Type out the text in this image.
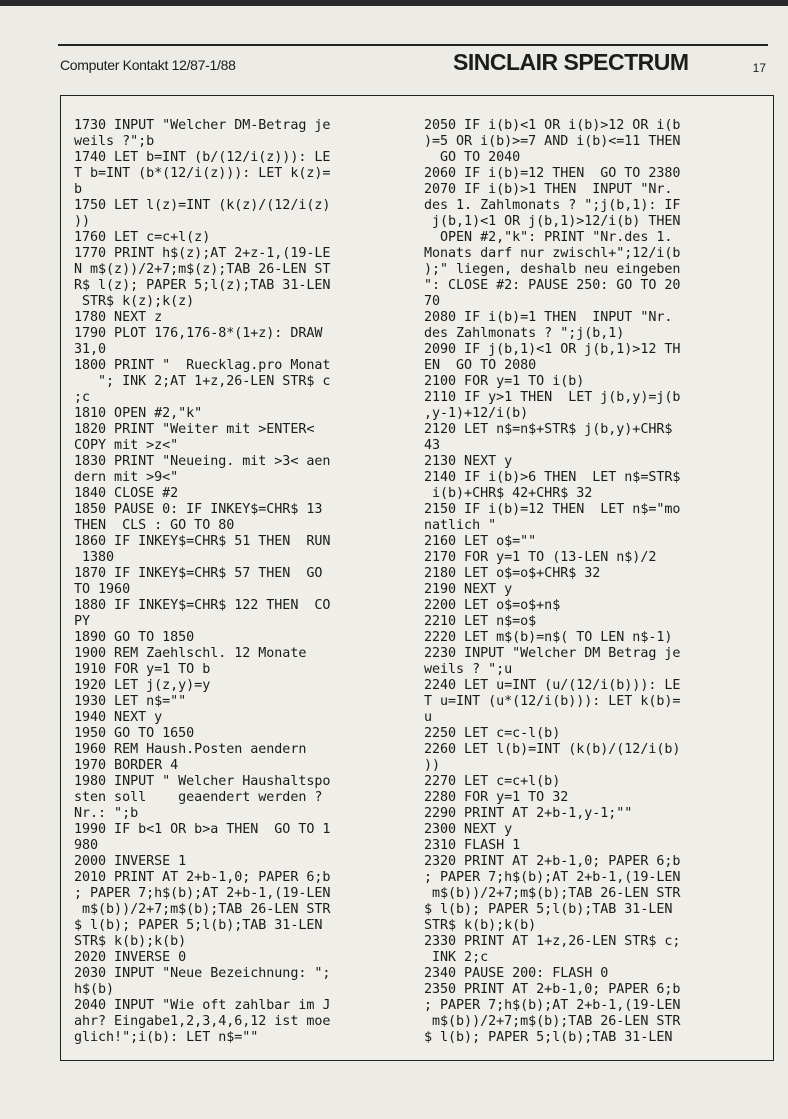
Computer Kontakt 12/87-1/88	SINCLAIR SPECTRUM	17
1730 INPUT "Welcher DM-Betrag je
weils ?";b
1740 LET b=INT (b/(12/i(z))): LE
T b=INT (b*(12/i(z))): LET k(z)=
b
1750 LET l(z)=INT (k(z)/(12/i(z)
))
1760 LET c=c+l(z)
1770 PRINT h$(z);AT 2+z-1,(19-LE
N m$(z))/2+7;m$(z);TAB 26-LEN ST
R$ l(z); PAPER 5;l(z);TAB 31-LEN
STR$ k(z);k(z)
1780 NEXT z
1790 PLOT 176,176-8*(1+z): DRAW
31,0
1800 PRINT "  Ruecklag.pro Monat
"; INK 2;AT 1+z,26-LEN STR$ c
;c
1810 OPEN #2,"k"
1820 PRINT "Weiter mit >ENTER<
COPY mit >z<"
1830 PRINT "Neueing. mit >3< aen
dern mit >9<"
1840 CLOSE #2
1850 PAUSE 0: IF INKEY$=CHR$ 13
THEN  CLS : GO TO 80
1860 IF INKEY$=CHR$ 51 THEN  RUN
1380
1870 IF INKEY$=CHR$ 57 THEN  GO
TO 1960
1880 IF INKEY$=CHR$ 122 THEN  CO
PY
1890 GO TO 1850
1900 REM Zaehlschl. 12 Monate
1910 FOR y=1 TO b
1920 LET j(z,y)=y
1930 LET n$=""
1940 NEXT y
1950 GO TO 1650
1960 REM Haush.Posten aendern
1970 BORDER 4
1980 INPUT " Welcher Haushaltspo
sten soll    geaendert werden ?
Nr.: ";b
1990 IF b<1 OR b>a THEN  GO TO 1
980
2000 INVERSE 1
2010 PRINT AT 2+b-1,0; PAPER 6;b
; PAPER 7;h$(b);AT 2+b-1,(19-LEN
m$(b))/2+7;m$(b);TAB 26-LEN STR
$ l(b); PAPER 5;l(b);TAB 31-LEN
STR$ k(b);k(b)
2020 INVERSE 0
2030 INPUT "Neue Bezeichnung: ";
h$(b)
2040 INPUT "Wie oft zahlbar im J
ahr? Eingabe1,2,3,4,6,12 ist moe
glich!";i(b): LET n$=""
2050 IF i(b)<1 OR i(b)>12 OR i(b
)=5 OR i(b)>=7 AND i(b)<=11 THEN
GO TO 2040
2060 IF i(b)=12 THEN  GO TO 2380
2070 IF i(b)>1 THEN  INPUT "Nr.
des 1. Zahlmonats ? ";j(b,1): IF
j(b,1)<1 OR j(b,1)>12/i(b) THEN
OPEN #2,"k": PRINT "Nr.des 1.
Monats darf nur zwischl+";12/i(b
);" liegen, deshalb neu eingeben
": CLOSE #2: PAUSE 250: GO TO 20
70
2080 IF i(b)=1 THEN  INPUT "Nr.
des Zahlmonats ? ";j(b,1)
2090 IF j(b,1)<1 OR j(b,1)>12 TH
EN  GO TO 2080
2100 FOR y=1 TO i(b)
2110 IF y>1 THEN  LET j(b,y)=j(b
,y-1)+12/i(b)
2120 LET n$=n$+STR$ j(b,y)+CHR$
43
2130 NEXT y
2140 IF i(b)>6 THEN  LET n$=STR$
i(b)+CHR$ 42+CHR$ 32
2150 IF i(b)=12 THEN  LET n$="mo
natlich "
2160 LET o$=""
2170 FOR y=1 TO (13-LEN n$)/2
2180 LET o$=o$+CHR$ 32
2190 NEXT y
2200 LET o$=o$+n$
2210 LET n$=o$
2220 LET m$(b)=n$( TO LEN n$-1)
2230 INPUT "Welcher DM Betrag je
weils ? ";u
2240 LET u=INT (u/(12/i(b))): LE
T u=INT (u*(12/i(b))): LET k(b)=
u
2250 LET c=c-l(b)
2260 LET l(b)=INT (k(b)/(12/i(b)
))
2270 LET c=c+l(b)
2280 FOR y=1 TO 32
2290 PRINT AT 2+b-1,y-1;""
2300 NEXT y
2310 FLASH 1
2320 PRINT AT 2+b-1,0; PAPER 6;b
; PAPER 7;h$(b);AT 2+b-1,(19-LEN
m$(b))/2+7;m$(b);TAB 26-LEN STR
$ l(b); PAPER 5;l(b);TAB 31-LEN
STR$ k(b);k(b)
2330 PRINT AT 1+z,26-LEN STR$ c;
INK 2;c
2340 PAUSE 200: FLASH 0
2350 PRINT AT 2+b-1,0; PAPER 6;b
; PAPER 7;h$(b);AT 2+b-1,(19-LEN
m$(b))/2+7;m$(b);TAB 26-LEN STR
$ l(b); PAPER 5;l(b);TAB 31-LEN
